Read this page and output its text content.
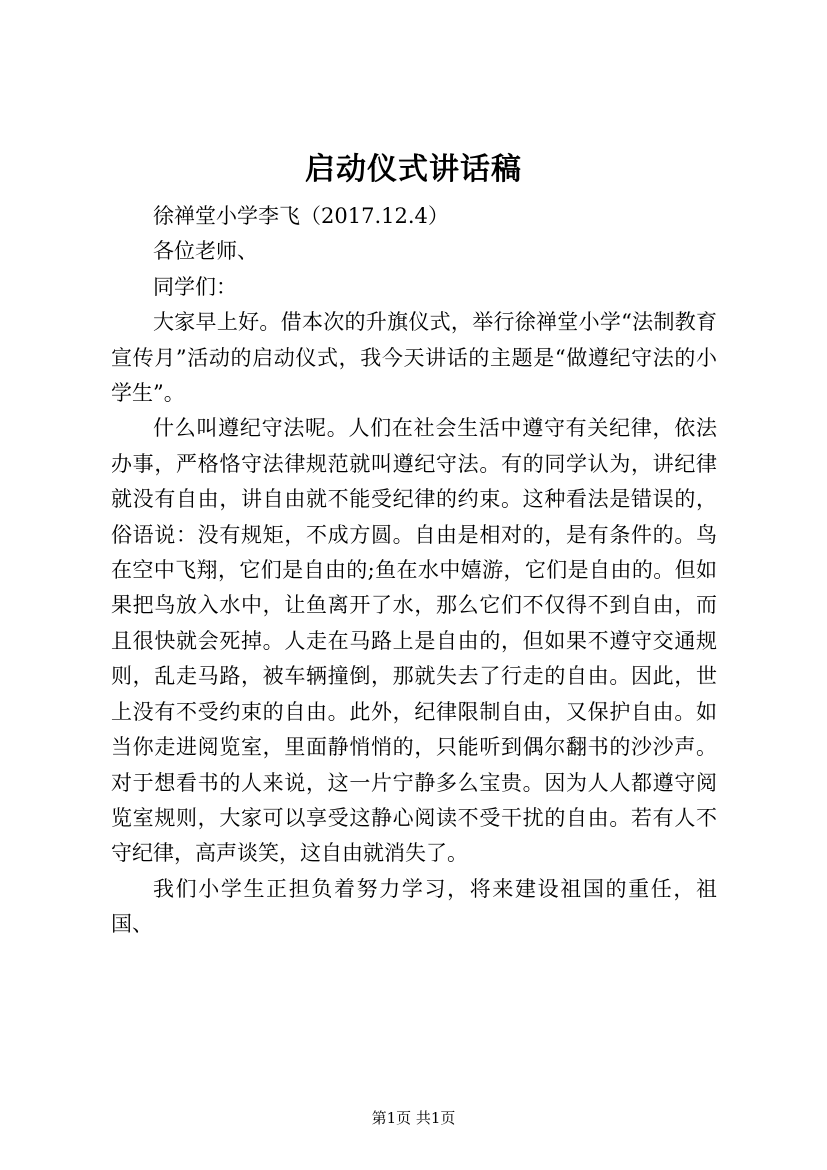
启动仪式讲话稿

徐禅堂小学李飞（2017.12.4）

各位老师、

同学们：

大家早上好。借本次的升旗仪式，举行徐禅堂小学“法制教育宣传月”活动的启动仪式，我今天讲话的主题是“做遵纪守法的小学生”。

什么叫遵纪守法呢。人们在社会生活中遵守有关纪律，依法办事，严格恪守法律规范就叫遵纪守法。有的同学认为，讲纪律就没有自由，讲自由就不能受纪律的约束。这种看法是错误的，俗语说：没有规矩，不成方圆。自由是相对的，是有条件的。鸟在空中飞翔，它们是自由的;鱼在水中嬉游，它们是自由的。但如果把鸟放入水中，让鱼离开了水，那么它们不仅得不到自由，而且很快就会死掉。人走在马路上是自由的，但如果不遵守交通规则，乱走马路，被车辆撞倒，那就失去了行走的自由。因此，世上没有不受约束的自由。此外，纪律限制自由，又保护自由。如当你走进阅览室，里面静悄悄的，只能听到偶尔翻书的沙沙声。对于想看书的人来说，这一片宁静多么宝贵。因为人人都遵守阅览室规则，大家可以享受这静心阅读不受干扰的自由。若有人不守纪律，高声谈笑，这自由就消失了。

我们小学生正担负着努力学习，将来建设祖国的重任，祖国、

第1页 共1页
